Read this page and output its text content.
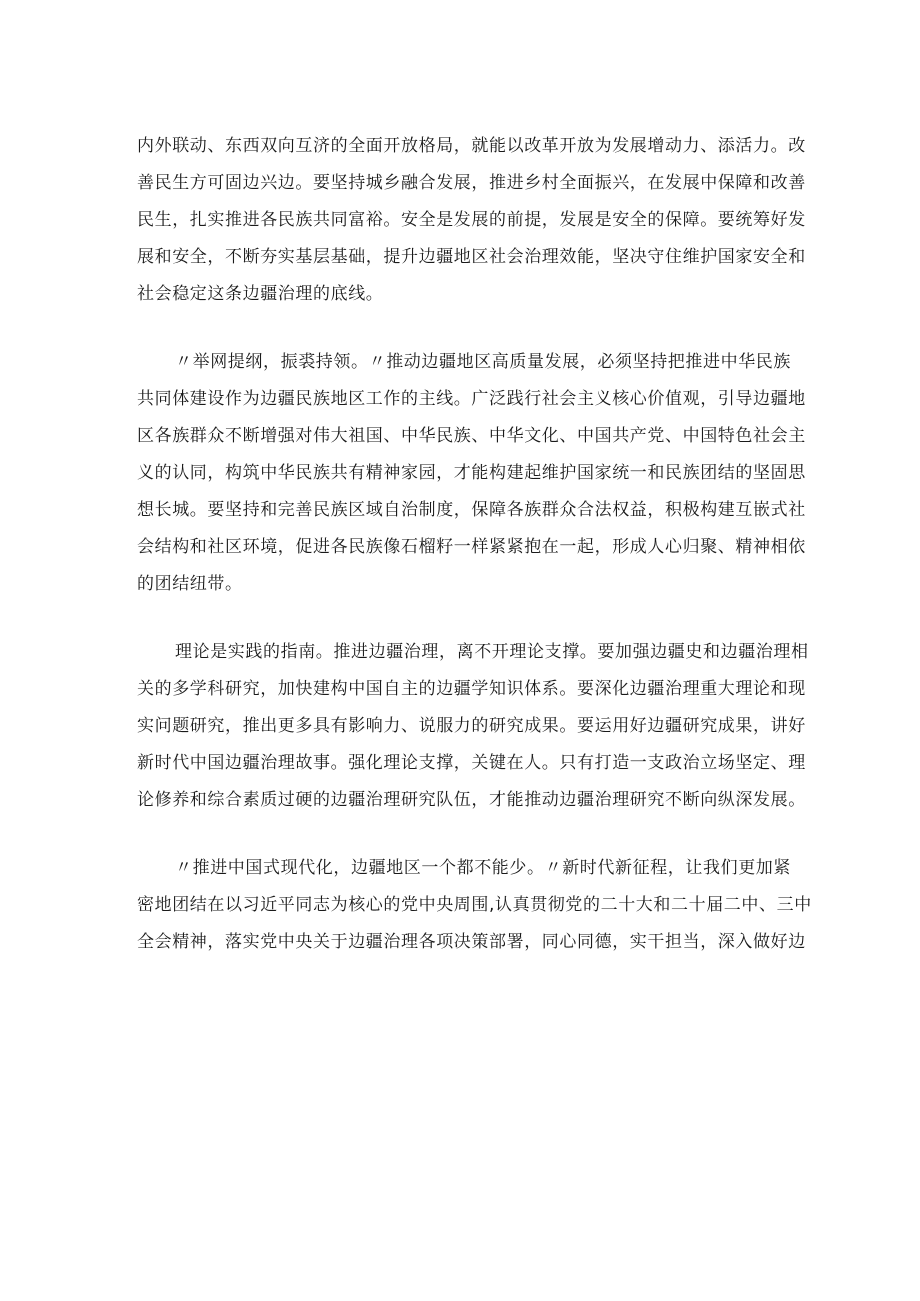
内外联动、东西双向互济的全面开放格局，就能以改革开放为发展增动力、添活力。改
善民生方可固边兴边。要坚持城乡融合发展，推进乡村全面振兴，在发展中保障和改善
民生，扎实推进各民族共同富裕。安全是发展的前提，发展是安全的保障。要统筹好发
展和安全，不断夯实基层基础，提升边疆地区社会治理效能，坚决守住维护国家安全和
社会稳定这条边疆治理的底线。
〃举网提纲，振裘持领。〃推动边疆地区高质量发展，必须坚持把推进中华民族
共同体建设作为边疆民族地区工作的主线。广泛践行社会主义核心价值观，引导边疆地
区各族群众不断增强对伟大祖国、中华民族、中华文化、中国共产党、中国特色社会主
义的认同，构筑中华民族共有精神家园，才能构建起维护国家统一和民族团结的坚固思
想长城。要坚持和完善民族区域自治制度，保障各族群众合法权益，积极构建互嵌式社
会结构和社区环境，促进各民族像石榴籽一样紧紧抱在一起，形成人心归聚、精神相依
的团结纽带。
理论是实践的指南。推进边疆治理，离不开理论支撑。要加强边疆史和边疆治理相
关的多学科研究，加快建构中国自主的边疆学知识体系。要深化边疆治理重大理论和现
实问题研究，推出更多具有影响力、说服力的研究成果。要运用好边疆研究成果，讲好
新时代中国边疆治理故事。强化理论支撑，关键在人。只有打造一支政治立场坚定、理
论修养和综合素质过硬的边疆治理研究队伍，才能推动边疆治理研究不断向纵深发展。
〃推进中国式现代化，边疆地区一个都不能少。〃新时代新征程，让我们更加紧
密地团结在以习近平同志为核心的党中央周围,认真贯彻党的二十大和二十届二中、三中
全会精神，落实党中央关于边疆治理各项决策部署，同心同德，实干担当，深入做好边
